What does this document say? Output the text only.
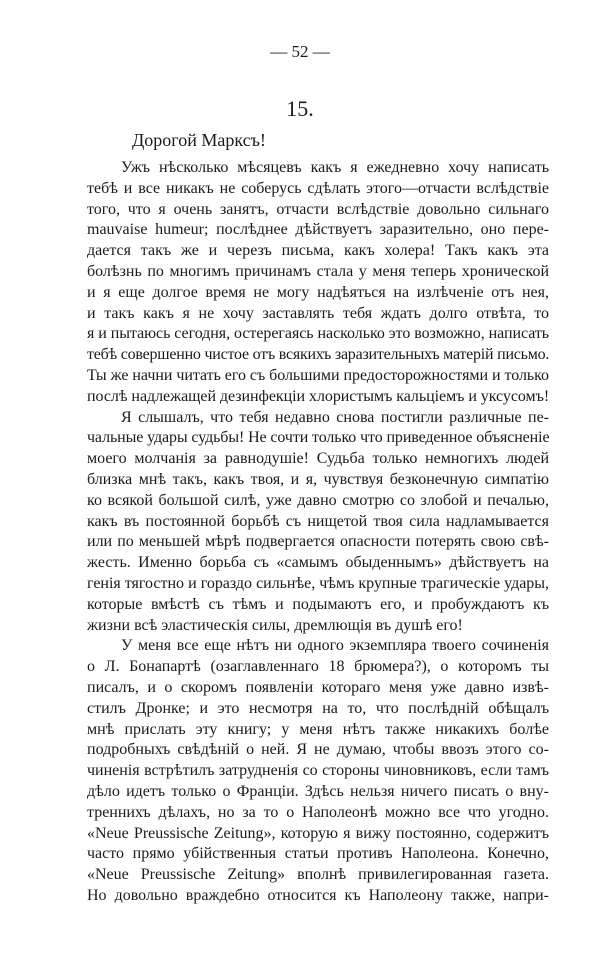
— 52 —
15.
Дорогой Марксъ!
Ужъ нѣсколько мѣсяцевъ какъ я ежедневно хочу написать
тебѣ и все никакъ не соберусь сдѣлать этого—отчасти вслѣдствіе
того, что я очень занятъ, отчасти вслѣдствіе довольно сильнаго
mauvaise humeur; послѣднее дѣйствуетъ заразительно, оно пере-
дается такъ же и черезъ письма, какъ холера! Такъ какъ эта
болѣзнь по многимъ причинамъ стала у меня теперь хронической
и я еще долгое время не могу надѣяться на излѣченіе отъ нея,
и такъ какъ я не хочу заставлять тебя ждать долго отвѣта, то
я и пытаюсь сегодня, остерегаясь насколько это возможно, написать
тебѣ совершенно чистое отъ всякихъ заразительныхъ матерій письмо.
Ты же начни читать его съ большими предосторожностями и только
послѣ надлежащей дезинфекціи хлористымъ кальціемъ и уксусомъ!
Я слышалъ, что тебя недавно снова постигли различные пе-
чальные удары судьбы! Не сочти только что приведенное объясненіе
моего молчанія за равнодушіе! Судьба только немногихъ людей
близка мнѣ такъ, какъ твоя, и я, чувствуя безконечную симпатію
ко всякой большой силѣ, уже давно смотрю со злобой и печалью,
какъ въ постоянной борьбѣ съ нищетой твоя сила надламывается
или по меньшей мѣрѣ подвергается опасности потерять свою свѣ-
жесть. Именно борьба съ «самымъ обыденнымъ» дѣйствуетъ на
генія тягостно и гораздо сильнѣе, чѣмъ крупные трагическіе удары,
которые вмѣстѣ съ тѣмъ и подымаютъ его, и пробуждаютъ къ
жизни всѣ эластическія силы, дремлющія въ душѣ его!
У меня все еще нѣтъ ни одного экземпляра твоего сочиненія
о Л. Бонапартѣ (озаглавленнаго 18 брюмера?), о которомъ ты
писалъ, и о скоромъ появленіи котораго меня уже давно извѣ-
стилъ Дронке; и это несмотря на то, что послѣдній обѣщалъ
мнѣ прислать эту книгу; у меня нѣтъ также никакихъ болѣе
подробныхъ свѣдѣній о ней. Я не думаю, чтобы ввозъ этого со-
чиненія встрѣтилъ затрудненія со стороны чиновниковъ, если тамъ
дѣло идетъ только о Франціи. Здѣсь нельзя ничего писать о вну-
треннихъ дѣлахъ, но за то о Наполеонѣ можно все что угодно.
«Neue Preussische Zeitung», которую я вижу постоянно, содержитъ
часто прямо убійственныя статьи противъ Наполеона. Конечно,
«Neue Preussische Zeitung» вполнѣ привилегированная газета.
Но довольно враждебно относится къ Наполеону также, напри-
